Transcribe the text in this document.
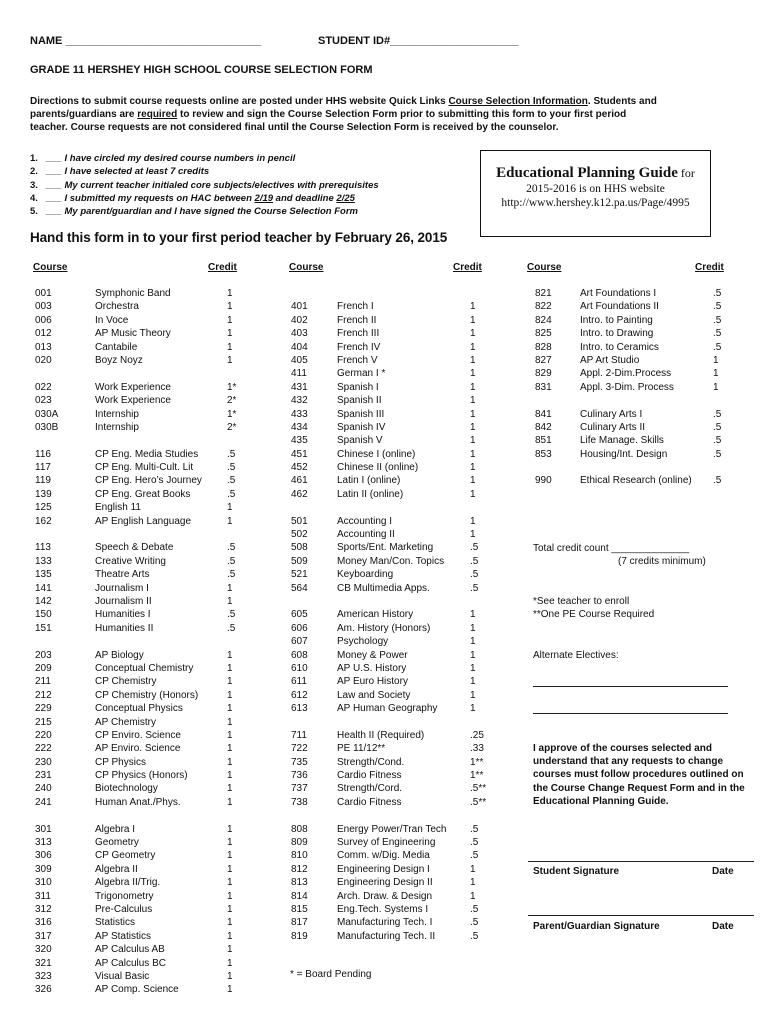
NAME ________________________________	STUDENT ID#_____________________
GRADE 11 HERSHEY HIGH SCHOOL COURSE SELECTION FORM
Directions to submit course requests online are posted under HHS website Quick Links Course Selection Information. Students and
parents/guardians are required to review and sign the Course Selection Form prior to submitting this form to your first period
teacher. Course requests are not considered final until the Course Selection Form is received by the counselor.
1. ___ I have circled my desired course numbers in pencil
2. ___ I have selected at least 7 credits
3. ___ My current teacher initialed core subjects/electives with prerequisites
4. ___ I submitted my requests on HAC between 2/19 and deadline 2/25
5. ___ My parent/guardian and I have signed the Course Selection Form
Educational Planning Guide for
2015-2016 is on HHS website
http://www.hershey.k12.pa.us/Page/4995
Hand this form in to your first period teacher by February 26, 2015
Course	Credit	Course	Credit	Course	Credit
001	Symphonic Band	1
003	Orchestra	1
006	In Voce	1
012	AP Music Theory	1
013	Cantabile	1
020	Boyz Noyz	1
022	Work Experience	1*
023	Work Experience	2*
030A	Internship	1*
030B	Internship	2*
116	CP Eng. Media Studies	.5
117	CP Eng. Multi-Cult. Lit	.5
119	CP Eng. Hero’s Journey	.5
139	CP Eng. Great Books	.5
125	English 11	1
162	AP English Language	1
113	Speech & Debate	.5
133	Creative Writing	.5
135	Theatre Arts	.5
141	Journalism I	1
142	Journalism II	1
150	Humanities I	.5
151	Humanities II	.5
203	AP Biology	1
209	Conceptual Chemistry	1
211	CP Chemistry	1
212	CP Chemistry (Honors)	1
229	Conceptual Physics	1
215	AP Chemistry	1
220	CP Enviro. Science	1
222	AP Enviro. Science	1
230	CP Physics	1
231	CP Physics (Honors)	1
240	Biotechnology	1
241	Human Anat./Phys.	1
301	Algebra I	1
313	Geometry	1
306	CP Geometry	1
309	Algebra II	1
310	Algebra II/Trig.	1
311	Trigonometry	1
312	Pre-Calculus	1
316	Statistics	1
317	AP Statistics	1
320	AP Calculus AB	1
321	AP Calculus BC	1
323	Visual Basic	1
326	AP Comp. Science	1
401	French I	1
402	French II	1
403	French III	1
404	French IV	1
405	French V	1
411	German I *	1
431	Spanish I	1
432	Spanish II	1
433	Spanish III	1
434	Spanish IV	1
435	Spanish V	1
451	Chinese I (online)	1
452	Chinese II (online)	1
461	Latin I (online)	1
462	Latin II (online)	1
501	Accounting I	1
502	Accounting II	1
508	Sports/Ent. Marketing	.5
509	Money Man/Con. Topics	.5
521	Keyboarding	.5
564	CB Multimedia Apps.	.5
605	American History	1
606	Am. History (Honors)	1
607	Psychology	1
608	Money & Power	1
610	AP U.S. History	1
611	AP Euro History	1
612	Law and Society	1
613	AP Human Geography	1
711	Health II (Required)	.25
722	PE 11/12**	.33
735	Strength/Cond.	1**
736	Cardio Fitness	1**
737	Strength/Cord.	.5**
738	Cardio Fitness	.5**
808	Energy Power/Tran Tech .5
809	Survey of Engineering	.5
810	Comm. w/Dig. Media	.5
812	Engineering Design I	1
813	Engineering Design II	1
814	Arch. Draw. & Design	1
815	Eng.Tech. Systems I	.5
817	Manufacturing Tech. I	.5
819	Manufacturing Tech. II	.5
821	Art Foundations I	.5
822	Art Foundations II	.5
824	Intro. to Painting	.5
825	Intro. to Drawing	.5
828	Intro. to Ceramics	.5
827	AP Art Studio	1
829	Appl. 2-Dim.Process	1
831	Appl. 3-Dim. Process	1
841	Culinary Arts I	.5
842	Culinary Arts II	.5
851	Life Manage. Skills	.5
853	Housing/Int. Design	.5
990	Ethical Research (online) .5
* = Board Pending
Total credit count ______________
(7 credits minimum)
*See teacher to enroll
**One PE Course Required
Alternate Electives:
I approve of the courses selected and understand that any requests to change courses must follow procedures outlined on the Course Change Request Form and in the Educational Planning Guide.
Student Signature	Date
Parent/Guardian Signature	Date
